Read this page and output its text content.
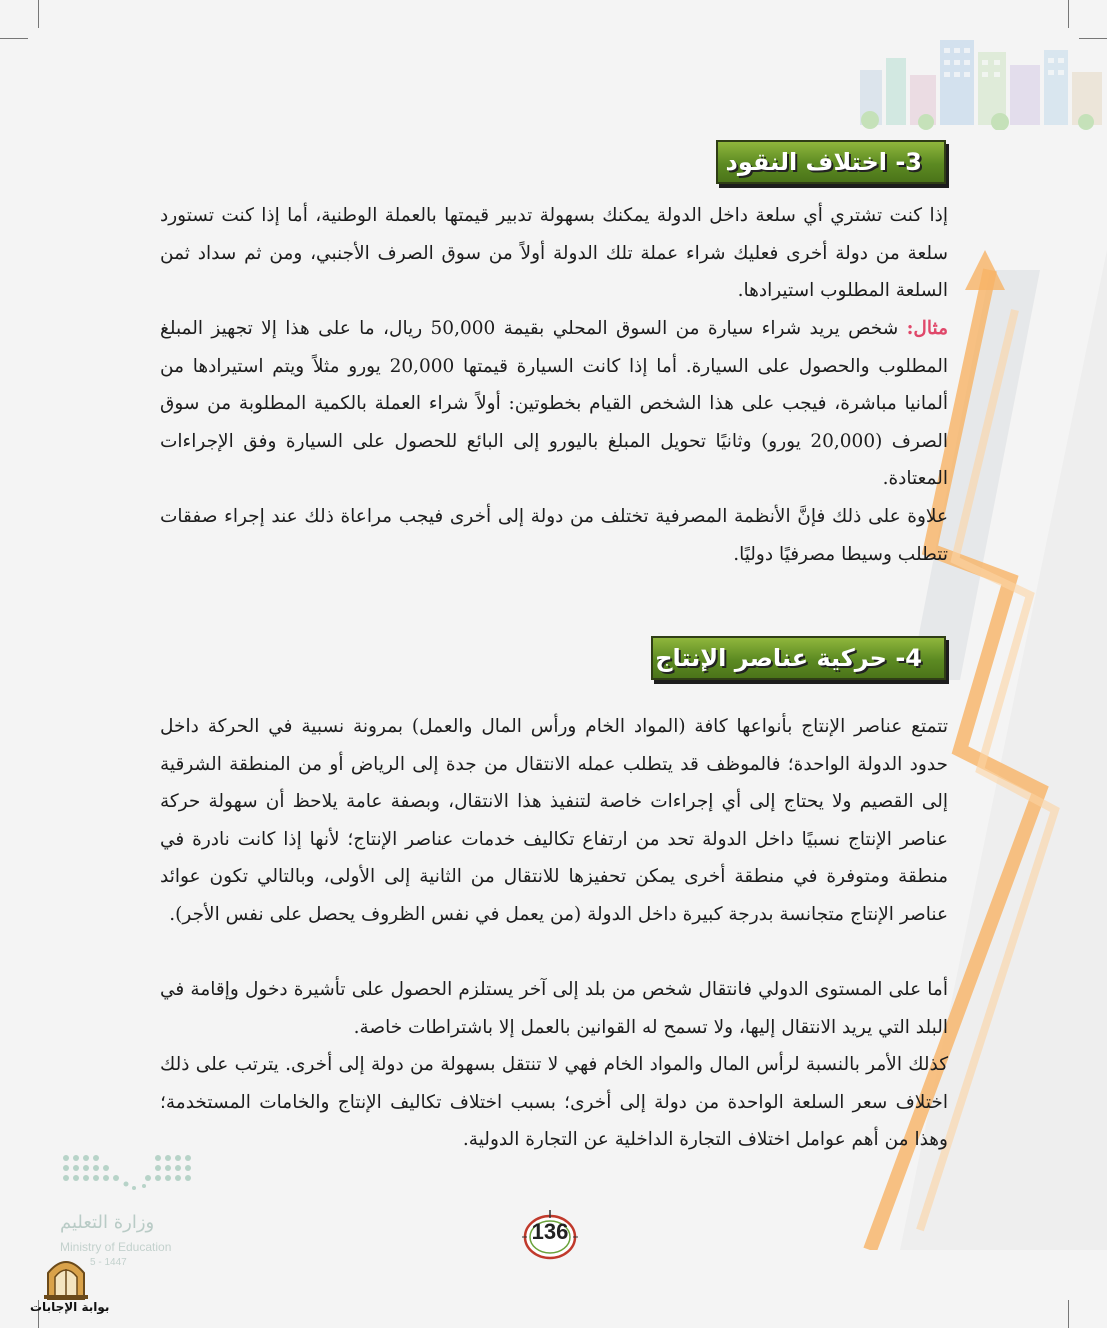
3- اختلاف النقود

إذا كنت تشتري أي سلعة داخل الدولة يمكنك بسهولة تدبير قيمتها بالعملة الوطنية، أما إذا كنت تستورد سلعة من دولة أخرى فعليك شراء عملة تلك الدولة أولاً من سوق الصرف الأجنبي، ومن ثم سداد ثمن السلعة المطلوب استيرادها.

مثال: شخص يريد شراء سيارة من السوق المحلي بقيمة 50,000 ريال، ما على هذا إلا تجهيز المبلغ المطلوب والحصول على السيارة. أما إذا كانت السيارة قيمتها 20,000 يورو مثلاً ويتم استيرادها من ألمانيا مباشرة، فيجب على هذا الشخص القيام بخطوتين: أولاً شراء العملة بالكمية المطلوبة من سوق الصرف (20,000 يورو) وثانيًا تحويل المبلغ باليورو إلى البائع للحصول على السيارة وفق الإجراءات المعتادة.

علاوة على ذلك فإنَّ الأنظمة المصرفية تختلف من دولة إلى أخرى فيجب مراعاة ذلك عند إجراء صفقات تتطلب وسيطا مصرفيًا دوليًا.

4- حركية عناصر الإنتاج

تتمتع عناصر الإنتاج بأنواعها كافة (المواد الخام ورأس المال والعمل) بمرونة نسبية في الحركة داخل حدود الدولة الواحدة؛ فالموظف قد يتطلب عمله الانتقال من جدة إلى الرياض أو من المنطقة الشرقية إلى القصيم ولا يحتاج إلى أي إجراءات خاصة لتنفيذ هذا الانتقال، وبصفة عامة يلاحظ أن سهولة حركة عناصر الإنتاج نسبيًا داخل الدولة تحد من ارتفاع تكاليف خدمات عناصر الإنتاج؛ لأنها إذا كانت نادرة في منطقة ومتوفرة في منطقة أخرى يمكن تحفيزها للانتقال من الثانية إلى الأولى، وبالتالي تكون عوائد عناصر الإنتاج متجانسة بدرجة كبيرة داخل الدولة (من يعمل في نفس الظروف يحصل على نفس الأجر).

أما على المستوى الدولي فانتقال شخص من بلد إلى آخر يستلزم الحصول على تأشيرة دخول وإقامة في البلد التي يريد الانتقال إليها، ولا تسمح له القوانين بالعمل إلا باشتراطات خاصة.

كذلك الأمر بالنسبة لرأس المال والمواد الخام فهي لا تنتقل بسهولة من دولة إلى أخرى. يترتب على ذلك اختلاف سعر السلعة الواحدة من دولة إلى أخرى؛ بسبب اختلاف تكاليف الإنتاج والخامات المستخدمة؛ وهذا من أهم عوامل اختلاف التجارة الداخلية عن التجارة الدولية.

وزارة التعليم
Ministry of Education
5 - 1447
136
بوابة الإجابات
